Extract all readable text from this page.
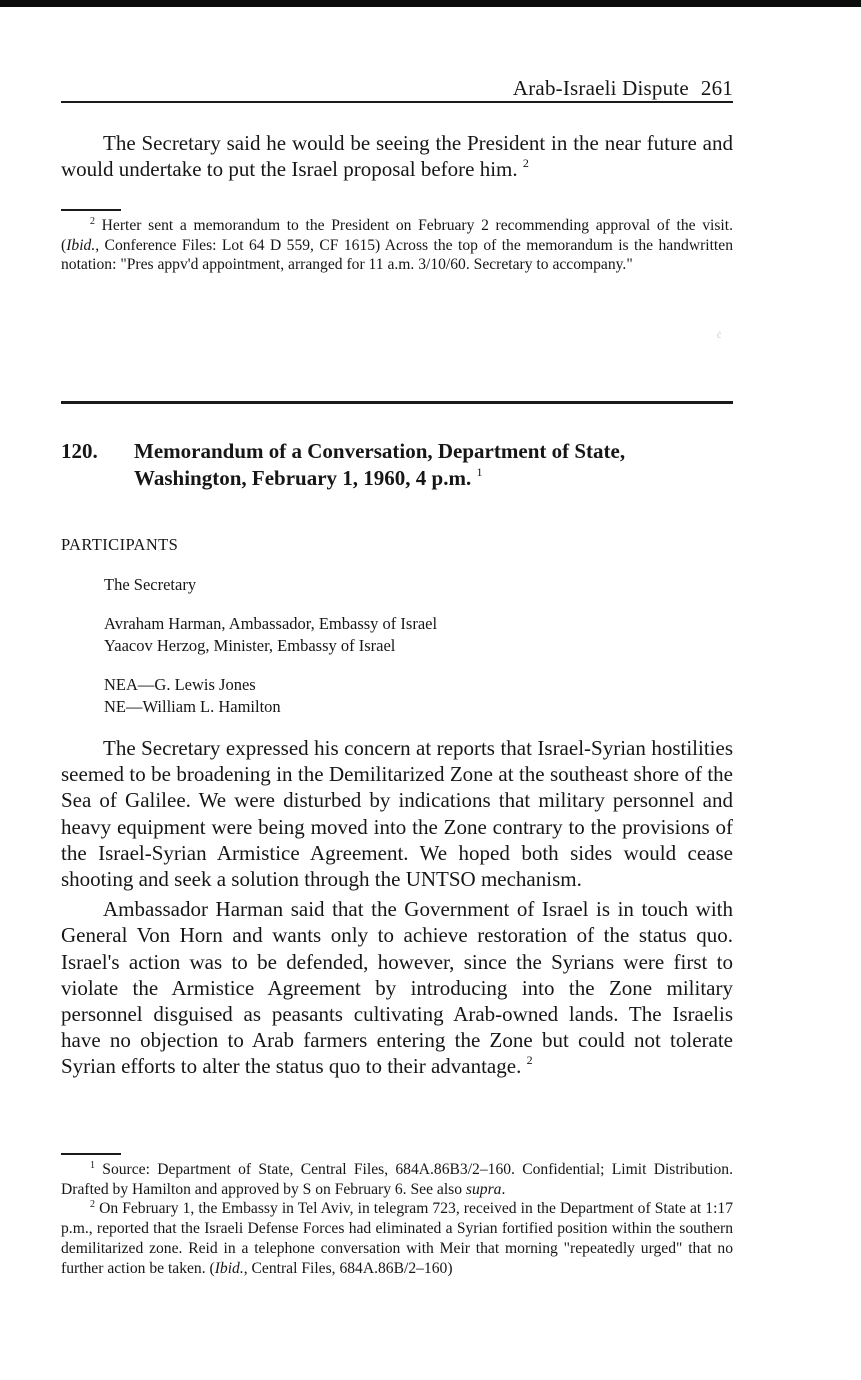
Arab-Israeli Dispute 261

The Secretary said he would be seeing the President in the near future and would undertake to put the Israel proposal before him. $^2$

$^2$ Herter sent a memorandum to the President on February 2 recommending approval of the visit. (Ibid., Conference Files: Lot 64 D 559, CF 1615) Across the top of the memorandum is the handwritten notation: "Pres appv'd appointment, arranged for 11 a.m. 3/10/60. Secretary to accompany."

120. Memorandum of a Conversation, Department of State,
Washington, February 1, 1960, 4 p.m. $^1$
PARTICIPANTS
The Secretary
Avraham Harman, Ambassador, Embassy of Israel
Yaacov Herzog, Minister, Embassy of Israel
NEA—G. Lewis Jones
NE—William L. Hamilton

The Secretary expressed his concern at reports that Israel-Syrian hostilities seemed to be broadening in the Demilitarized Zone at the southeast shore of the Sea of Galilee. We were disturbed by indications that military personnel and heavy equipment were being moved into the Zone contrary to the provisions of the Israel-Syrian Armistice Agreement. We hoped both sides would cease shooting and seek a solution through the UNTSO mechanism.

Ambassador Harman said that the Government of Israel is in touch with General Von Horn and wants only to achieve restoration of the status quo. Israel's action was to be defended, however, since the Syrians were first to violate the Armistice Agreement by introducing into the Zone military personnel disguised as peasants cultivating Arab-owned lands. The Israelis have no objection to Arab farmers entering the Zone but could not tolerate Syrian efforts to alter the status quo to their advantage. $^2$

$^1$ Source: Department of State, Central Files, 684A.86B3/2–160. Confidential; Limit Distribution. Drafted by Hamilton and approved by S on February 6. See also supra.

$^2$ On February 1, the Embassy in Tel Aviv, in telegram 723, received in the Department of State at 1:17 p.m., reported that the Israeli Defense Forces had eliminated a Syrian fortified position within the southern demilitarized zone. Reid in a telephone conversation with Meir that morning "repeatedly urged" that no further action be taken. (Ibid., Central Files, 684A.86B/2–160)

ć
